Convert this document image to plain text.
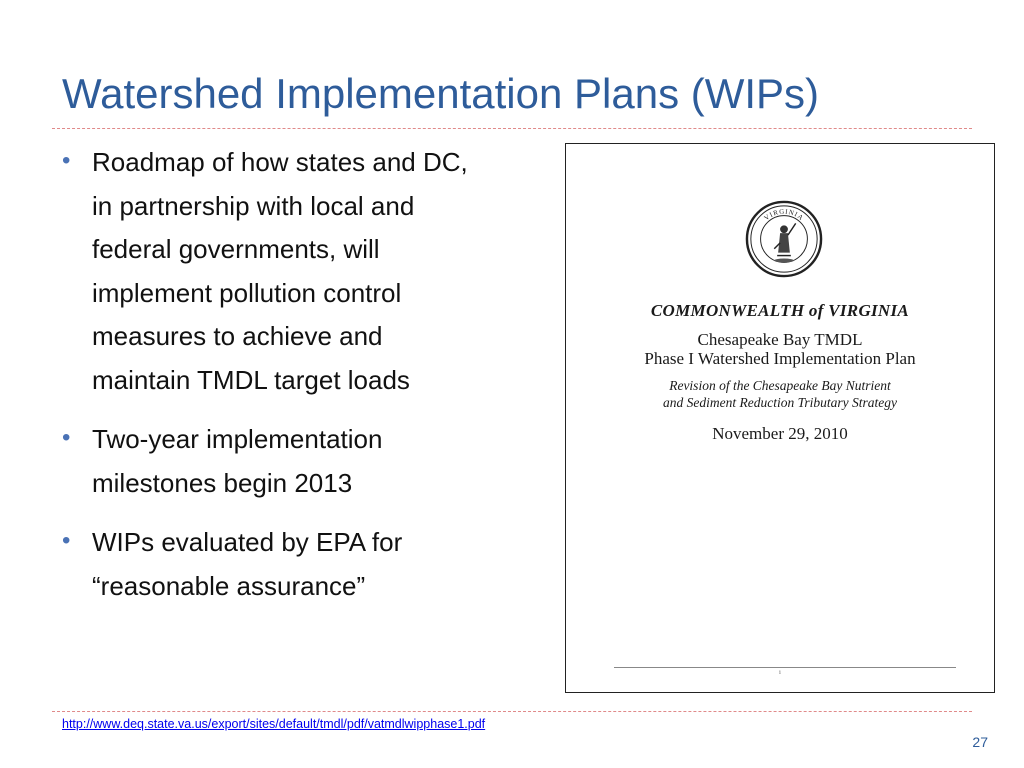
Watershed Implementation Plans (WIPs)
• Roadmap of how states and DC,
in partnership with local and
federal governments, will
implement pollution control
measures to achieve and
maintain TMDL target loads
• Two-year implementation
milestones begin 2013
• WIPs evaluated by EPA for
“reasonable assurance”
VIRGINIA
COMMONWEALTH of VIRGINIA
Chesapeake Bay TMDL
Phase I Watershed Implementation Plan
Revision of the Chesapeake Bay Nutrient
and Sediment Reduction Tributary Strategy
November 29, 2010
i
http://www.deq.state.va.us/export/sites/default/tmdl/pdf/vatmdlwipphase1.pdf
27
